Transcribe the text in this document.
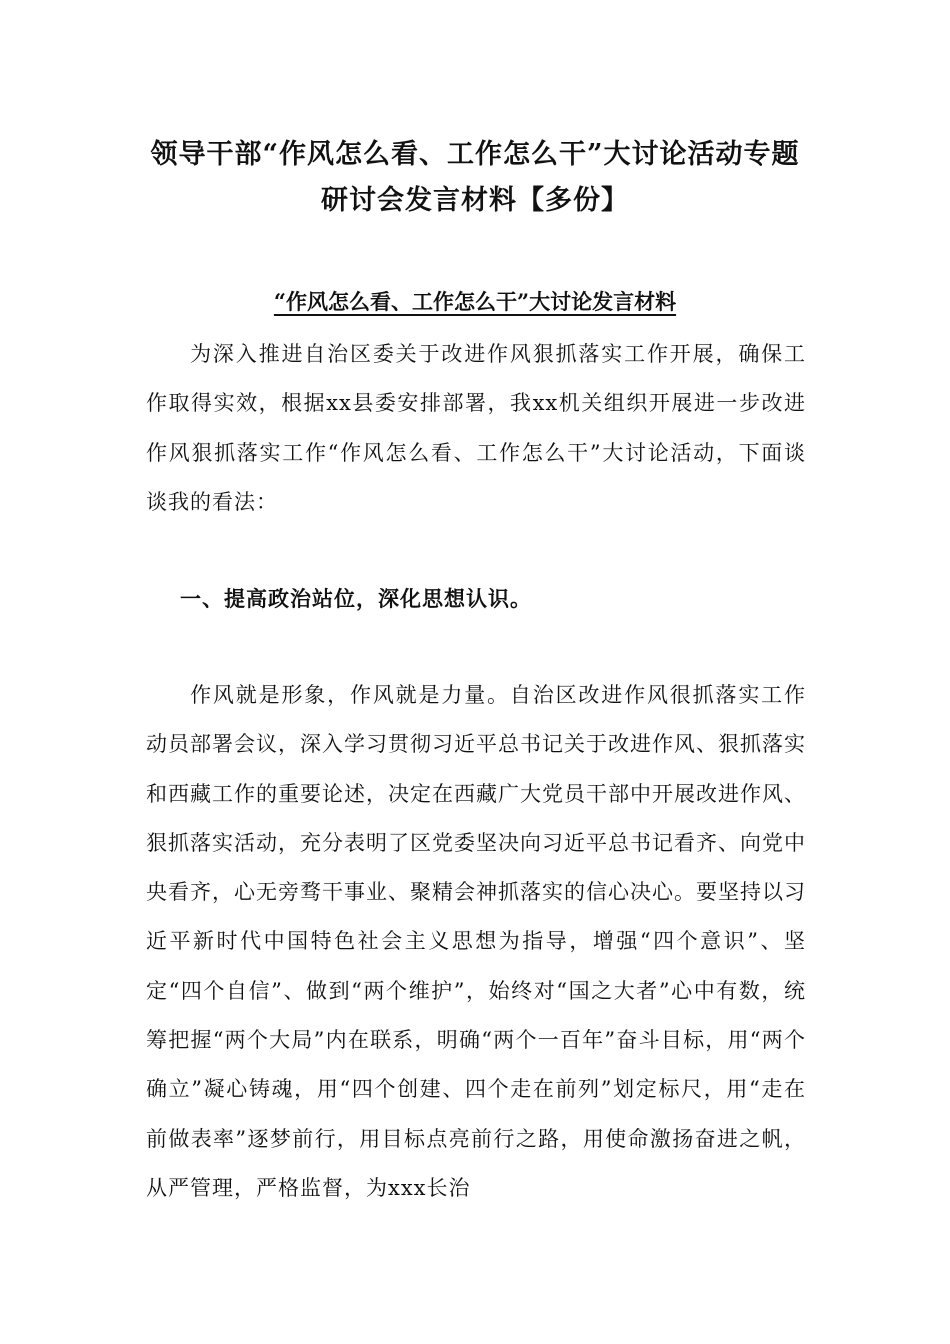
领导干部“作风怎么看、工作怎么干”大讨论活动专题研讨会发言材料【多份】
“作风怎么看、工作怎么干”大讨论发言材料
为深入推进自治区委关于改进作风狠抓落实工作开展，确保工作取得实效，根据xx县委安排部署，我xx机关组织开展进一步改进作风狠抓落实工作“作风怎么看、工作怎么干”大讨论活动，下面谈谈我的看法：
一、提高政治站位，深化思想认识。
作风就是形象，作风就是力量。自治区改进作风很抓落实工作动员部署会议，深入学习贯彻习近平总书记关于改进作风、狠抓落实和西藏工作的重要论述，决定在西藏广大党员干部中开展改进作风、狠抓落实活动，充分表明了区党委坚决向习近平总书记看齐、向党中央看齐，心无旁骛干事业、聚精会神抓落实的信心决心。要坚持以习近平新时代中国特色社会主义思想为指导，增强“四个意识”、坚定“四个自信”、做到“两个维护”，始终对“国之大者”心中有数，统筹把握“两个大局”内在联系，明确“两个一百年”奋斗目标，用“两个确立”凝心铸魂，用“四个创建、四个走在前列”划定标尺，用“走在前做表率”逐梦前行，用目标点亮前行之路，用使命激扬奋进之帆，从严管理，严格监督，为xxx长治
